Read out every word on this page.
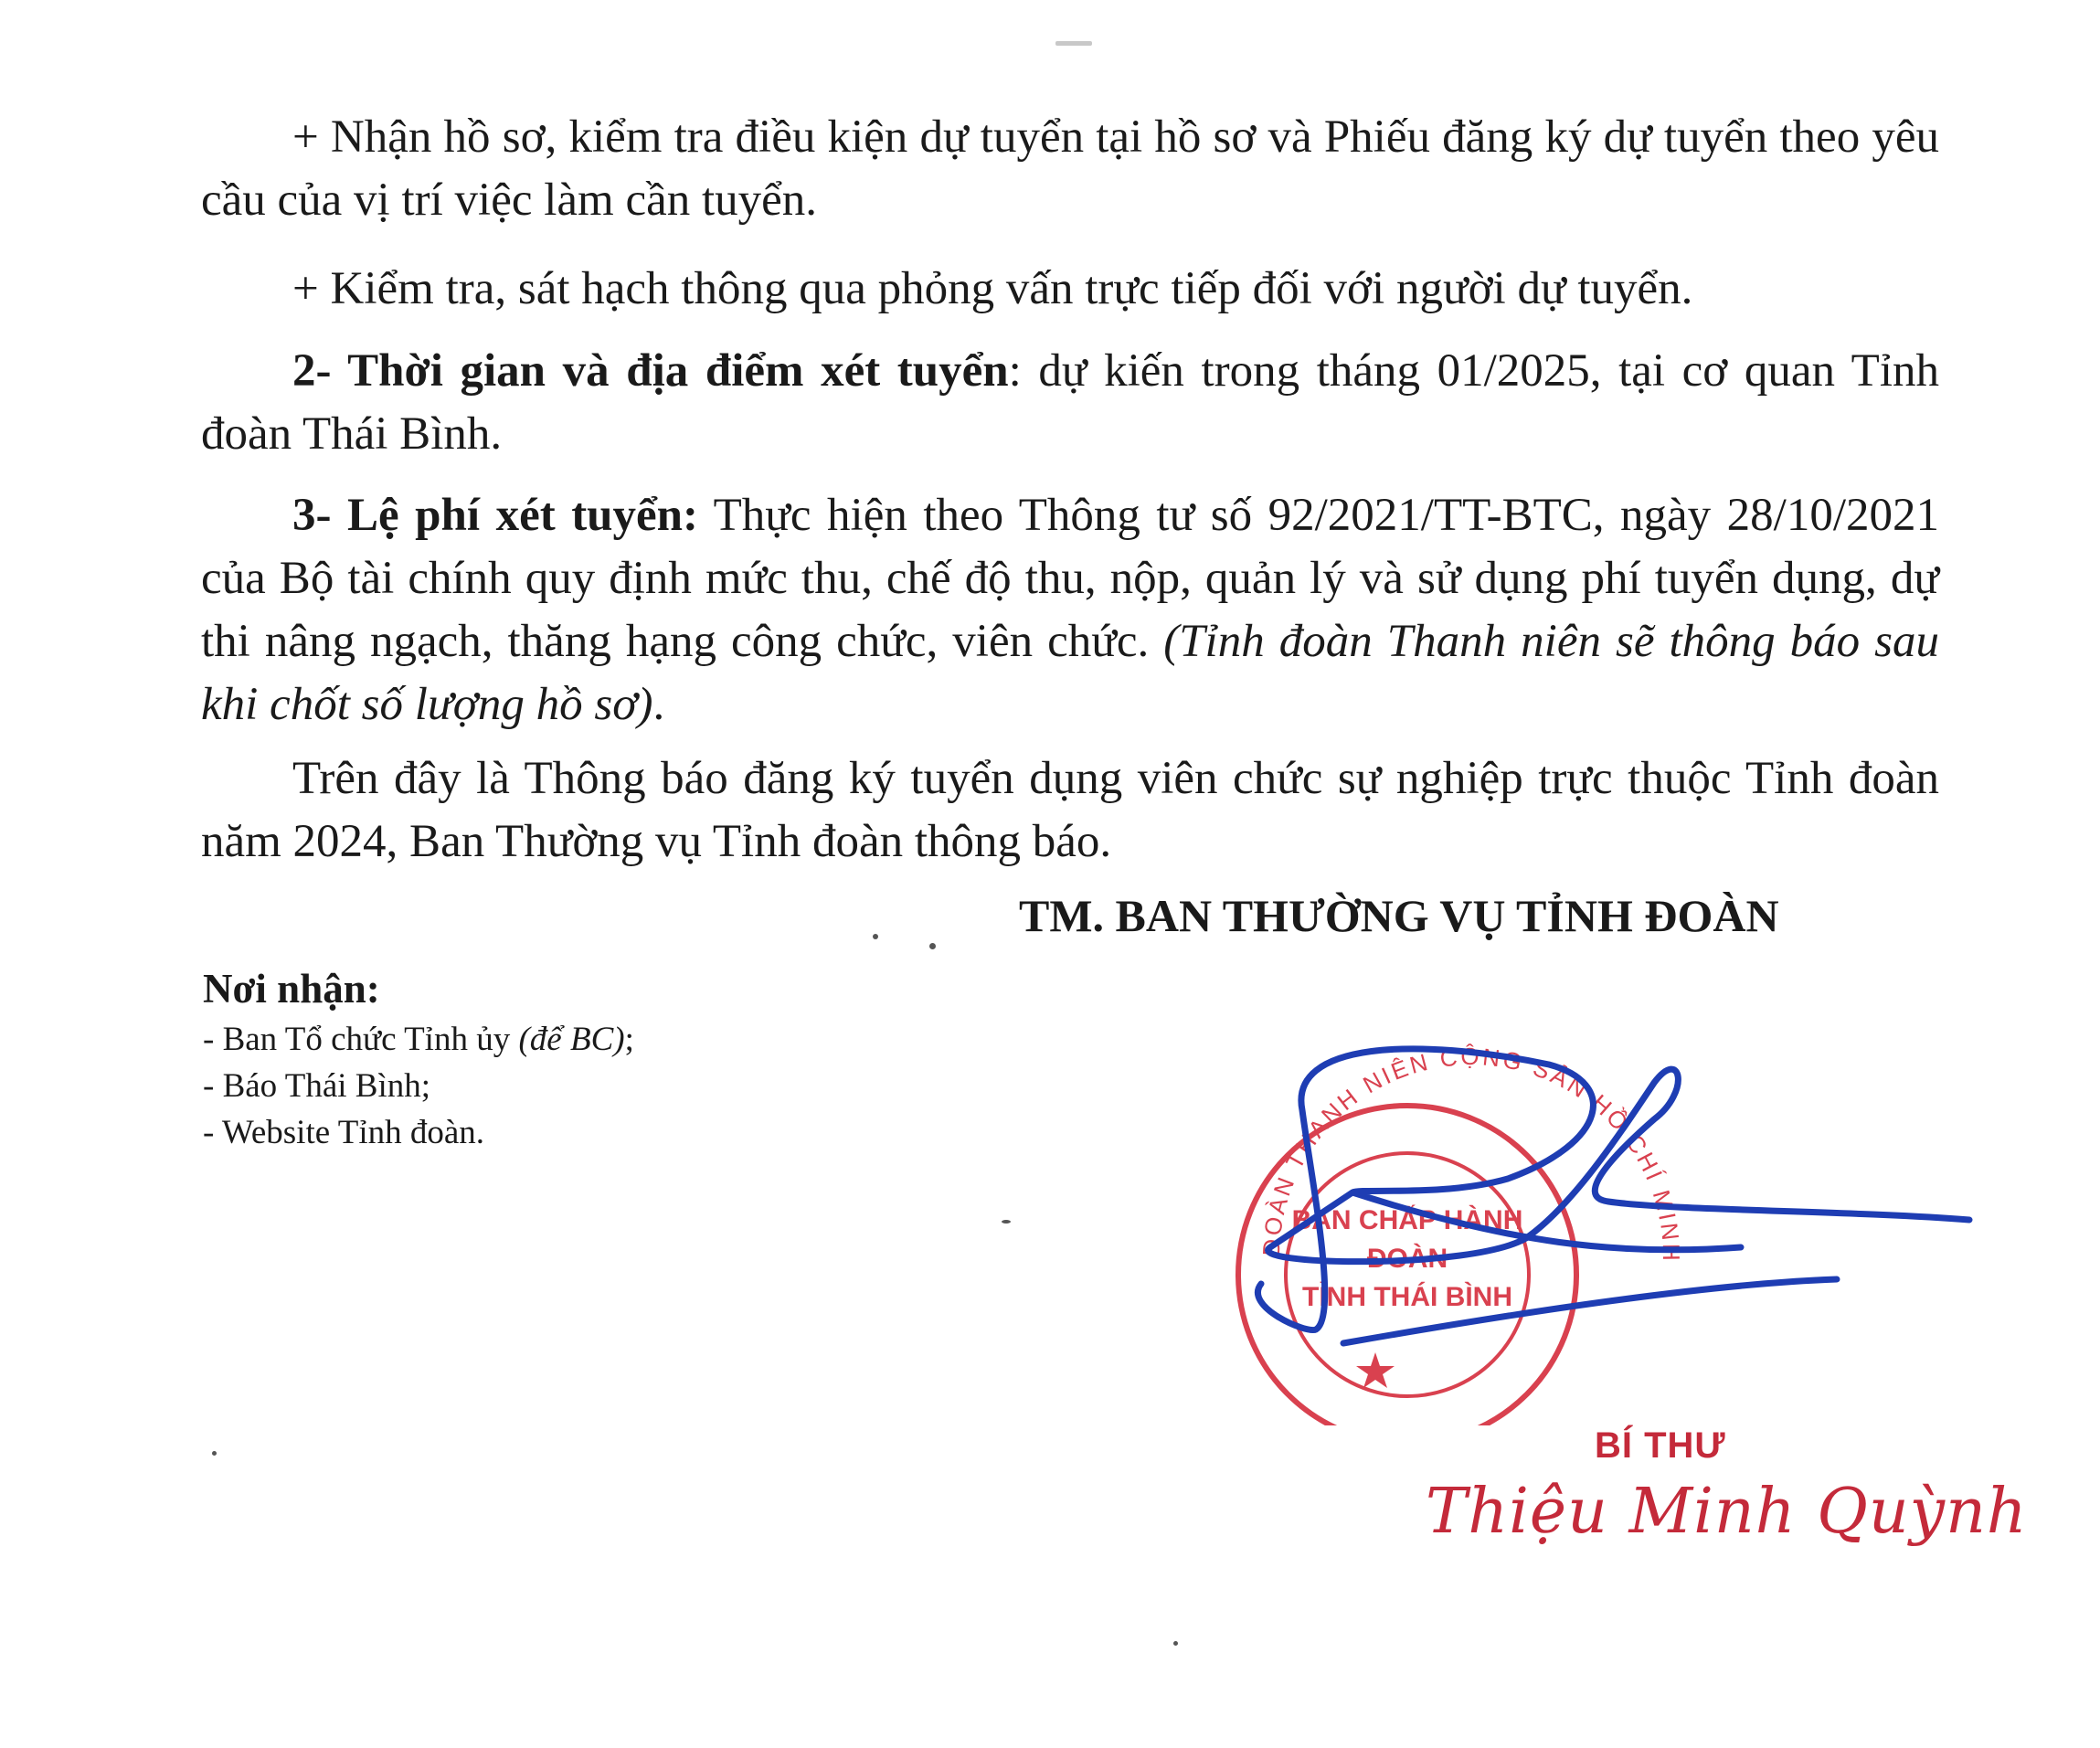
+ Nhận hồ sơ, kiểm tra điều kiện dự tuyển tại hồ sơ và Phiếu đăng ký dự tuyển theo yêu cầu của vị trí việc làm cần tuyển.

+ Kiểm tra, sát hạch thông qua phỏng vấn trực tiếp đối với người dự tuyển.

2- Thời gian và địa điểm xét tuyển: dự kiến trong tháng 01/2025, tại cơ quan Tỉnh đoàn Thái Bình.

3- Lệ phí xét tuyển: Thực hiện theo Thông tư số 92/2021/TT-BTC, ngày 28/10/2021 của Bộ tài chính quy định mức thu, chế độ thu, nộp, quản lý và sử dụng phí tuyển dụng, dự thi nâng ngạch, thăng hạng công chức, viên chức. (Tỉnh đoàn Thanh niên sẽ thông báo sau khi chốt số lượng hồ sơ).

Trên đây là Thông báo đăng ký tuyển dụng viên chức sự nghiệp trực thuộc Tỉnh đoàn năm 2024, Ban Thường vụ Tỉnh đoàn thông báo.

TM. BAN THƯỜNG VỤ TỈNH ĐOÀN
Nơi nhận:
- Ban Tổ chức Tỉnh ủy (để BC);
- Báo Thái Bình;
- Website Tỉnh đoàn.
ĐOÀN THANH NIÊN CỘNG SẢN HỒ CHÍ MINH
BAN CHẤP HÀNH
ĐOÀN
TỈNH THÁI BÌNH
BÍ THƯ
Thiệu Minh Quỳnh
